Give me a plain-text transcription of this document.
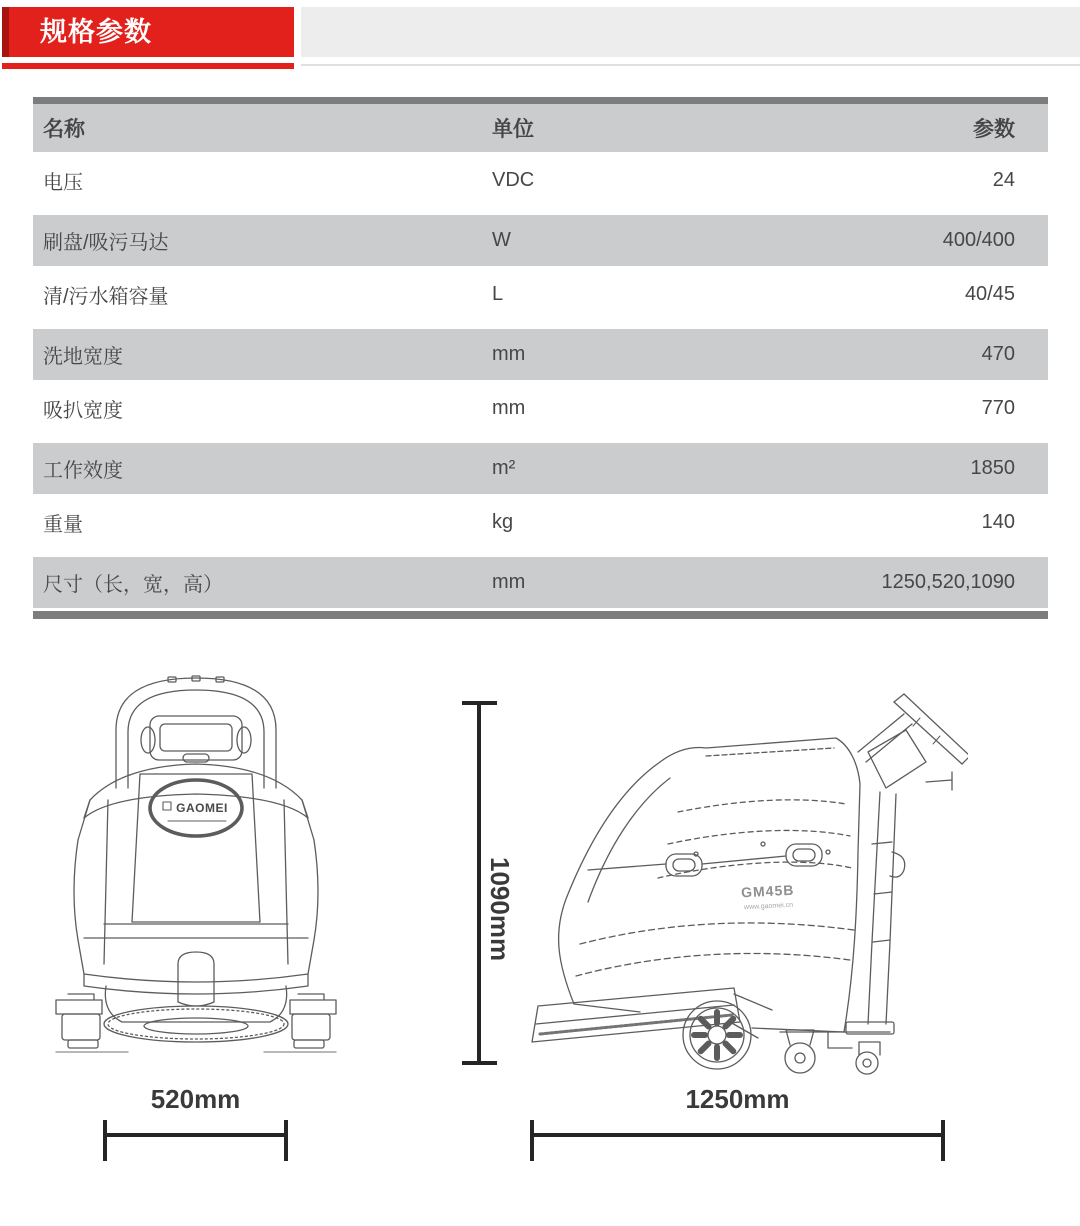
规格参数
名称	单位	参数
电压	VDC	24
刷盘/吸污马达	W	400/400
清/污水箱容量	L	40/45
洗地宽度	mm	470
吸扒宽度	mm	770
工作效度	m²	1850
重量	kg	140
尺寸（长，宽，高）	mm	1250,520,1090
GAOMEI
GM45B
www.gaomei.cn
1090mm
520mm	1250mm
